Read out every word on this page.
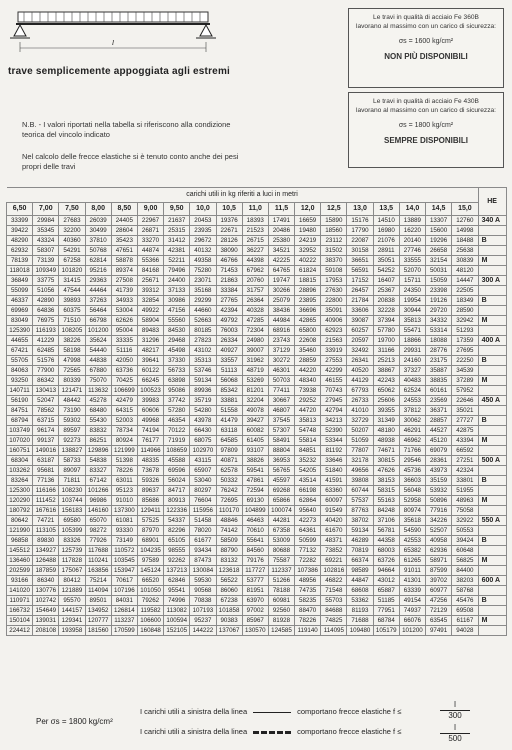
l
trave semplicemente appoggiata agli estremi
N.B. - I valori riportati nella tabella si riferiscono alla condizione teorica del vincolo indicato
Nel calcolo delle frecce elastiche si è tenuto conto anche dei pesi propri delle travi
Le travi in qualità di acciaio Fe 360B
lavorano al massimo con un carico di sicurezza:
σs = 1600 kg/cm²
NON PIÙ DISPONIBILI
Le travi in qualità di acciaio Fe 430B
lavorano al massimo con un carico di sicurezza:
σs = 1800 kg/cm²
SEMPRE DISPONIBILI
carichi utili in kg riferiti a luci in metri																		HE
6,50	7,00	7,50	8,00	8,50	9,00	9,50	10,0	10,5	11,0	11,5	12,0	12,5	13,0	13,5	14,0	14,5	15,0	
33399	29984	27683	26039	24405	22967	21637	20453	19376	18393	17491	16659	15890	15176	14510	13889	13307	12760	340 A
39422	35345	32200	30499	28604	26871	25315	23935	22671	21523	20486	19480	18560	17790	16980	16220	15600	14998	
48290	43324	40360	37810	35423	33270	31412	29672	28126	26715	25380	24219	23112	22087	21076	20140	19296	18488	B
62932	58307	54291	50768	47651	44874	42381	40132	38090	36227	34521	32952	31502	30158	28911	27746	26658	25638	
78139	73139	67258	62814	58878	55366	52211	49358	46766	44398	42225	40222	38370	36651	35051	33555	32154	30839	M
118018	109349	101820	95216	89374	84168	79496	75280	71453	67962	64765	61824	59108	56591	54252	52070	50031	48120	
36849	33775	31415	29363	27508	25671	24400	23071	21863	20760	19747	18815	17953	17152	16407	15711	15059	14447	300 A
55099	51056	47544	44464	41739	39312	37133	35168	33384	31757	30266	28896	27630	26457	25367	24350	23398	22505	
46337	42890	39893	37263	34933	32854	30986	29299	27765	26364	25079	23895	22800	21784	20838	19954	19126	18349	B
69969	64836	60375	56464	53004	49922	47156	44660	42394	40328	38436	36696	35091	33606	32228	30944	29720	28590	
83049	76975	71510	66798	62626	58904	55560	52663	49792	47285	44984	42865	40906	39087	37394	35813	34332	32942	M
125390	116193	108205	101200	95004	89483	84530	80185	76003	72304	68916	65800	62923	60257	57780	55471	53314	51293	
44655	41229	38226	35624	33335	31296	29468	27823	26334	24980	23743	22608	21563	20597	19700	18866	18088	17359	400 A
67421	62485	58198	54440	51116	48217	45498	43102	40927	39007	37129	35460	33919	32492	31166	29931	28776	27695	
55705	51576	47998	44838	42050	39641	37330	35313	33557	31962	30272	28859	27553	26341	25213	24160	23175	22250	B
84063	77900	72565	67880	63736	60122	56733	53746	51113	48719	46301	44220	42299	40520	38867	37327	35887	34539	
93250	86342	80339	75070	70425	66245	63898	59134	56068	53269	50703	48340	46155	44129	42243	40483	38835	37289	M
140711	130413	121471	113632	106699	100523	95086	89936	85342	81201	77411	73938	70743	67793	65062	62524	60161	57952	
56190	52047	48442	45278	42479	39983	37742	35719	33881	32204	30667	29252	27945	26733	25606	24553	23569	22646	450 A
84751	78562	73190	68480	64315	60606	57280	54280	51558	49078	46807	44720	42794	41010	39355	37812	36371	35021	
68794	63715	59302	55430	52003	49968	46354	43978	41479	39427	37545	35813	34213	32729	31349	30062	28857	27727	B
103749	96174	89597	83832	78734	74194	70122	66430	63118	60082	57307	54748	52390	50207	48180	46291	44527	42875	
107020	99137	92273	86251	80924	76177	71919	68075	64585	61405	58491	55814	53344	51059	48938	46962	45120	43394	M
160751	149016	138827	129896	121999	114966	108659	102970	97809	93107	88804	84851	81192	77807	74671	71766	69079	66592	
68304	63187	58733	54838	51398	48335	45588	43115	40871	38826	36953	35232	33646	32178	30815	29546	28361	27251	500 A
103262	95681	89097	83327	78226	73678	69596	65907	62578	59541	56765	54205	51840	49656	47626	45736	43973	42324	
83264	77136	71811	67142	63011	59326	56024	53040	50332	47861	45597	43514	41591	39808	38153	36603	35159	33801	B
125300	116166	108230	101266	95123	89637	84717	80297	76242	72594	69268	66198	63360	60744	58315	56048	53932	51955	
120290	111452	103744	96986	91010	85686	80913	76604	72695	69130	65866	62864	60097	57537	55163	52958	50896	48963	M
180792	167616	156183	146160	137300	129411	122336	115956	110170	104899	100074	95640	91549	87763	84248	80974	77916	75058	
80642	74721	69580	65070	61081	57525	54337	51458	48846	46463	44281	42273	40420	38702	37106	35618	34226	32922	550 A
121990	113105	105399	98272	93330	87970	82296	78020	74142	70610	67358	64361	61670	59134	56781	54590	52507	50553	
96858	89830	83326	77926	73149	68901	65105	61677	58509	55641	53009	50599	48371	46289	44358	42553	40958	39424	B
145512	134927	125739	117688	110572	104235	98555	93434	88790	84560	80688	77132	73852	70819	68003	65382	62936	60648	
136460	126488	117828	110241	103545	97589	92262	87473	83132	79176	75587	72282	69221	66374	63726	61265	58971	56825	M
202599	187859	175067	163856	153947	145124	137213	130084	123618	117727	112337	107386	102816	98589	94664	91011	87599	84400	
93166	86340	80412	75214	70617	66520	62846	59530	56522	53777	51266	48956	46822	44847	43012	41301	39702	38203	600 A
141020	130776	121889	114094	107196	101050	95541	90568	86060	81951	78188	74735	71548	68608	65887	63339	60977	58768	
110971	102742	95570	89501	84031	79262	74996	70838	67238	63970	60981	58235	55703	53362	51185	49154	47256	45476	B
166732	154649	144157	134952	126814	119582	113082	107193	101858	97002	92560	88470	84688	81193	77951	74937	72129	69508	
150104	139031	129341	120777	113237	106600	100594	95237	90383	85967	81928	78226	74825	71688	68784	66076	63545	61167	M
224412	208108	193958	181560	170599	160848	152105	144222	137067	130570	124585	119140	114095	109480	105179	101200	97491	94028	
Per σs = 1800 kg/cm²
I carichi utili a sinistra della linea	comportano frecce elastiche f ≤
I carichi utili a sinistra della linea	comportano frecce elastiche f ≤
l
300
l
500
